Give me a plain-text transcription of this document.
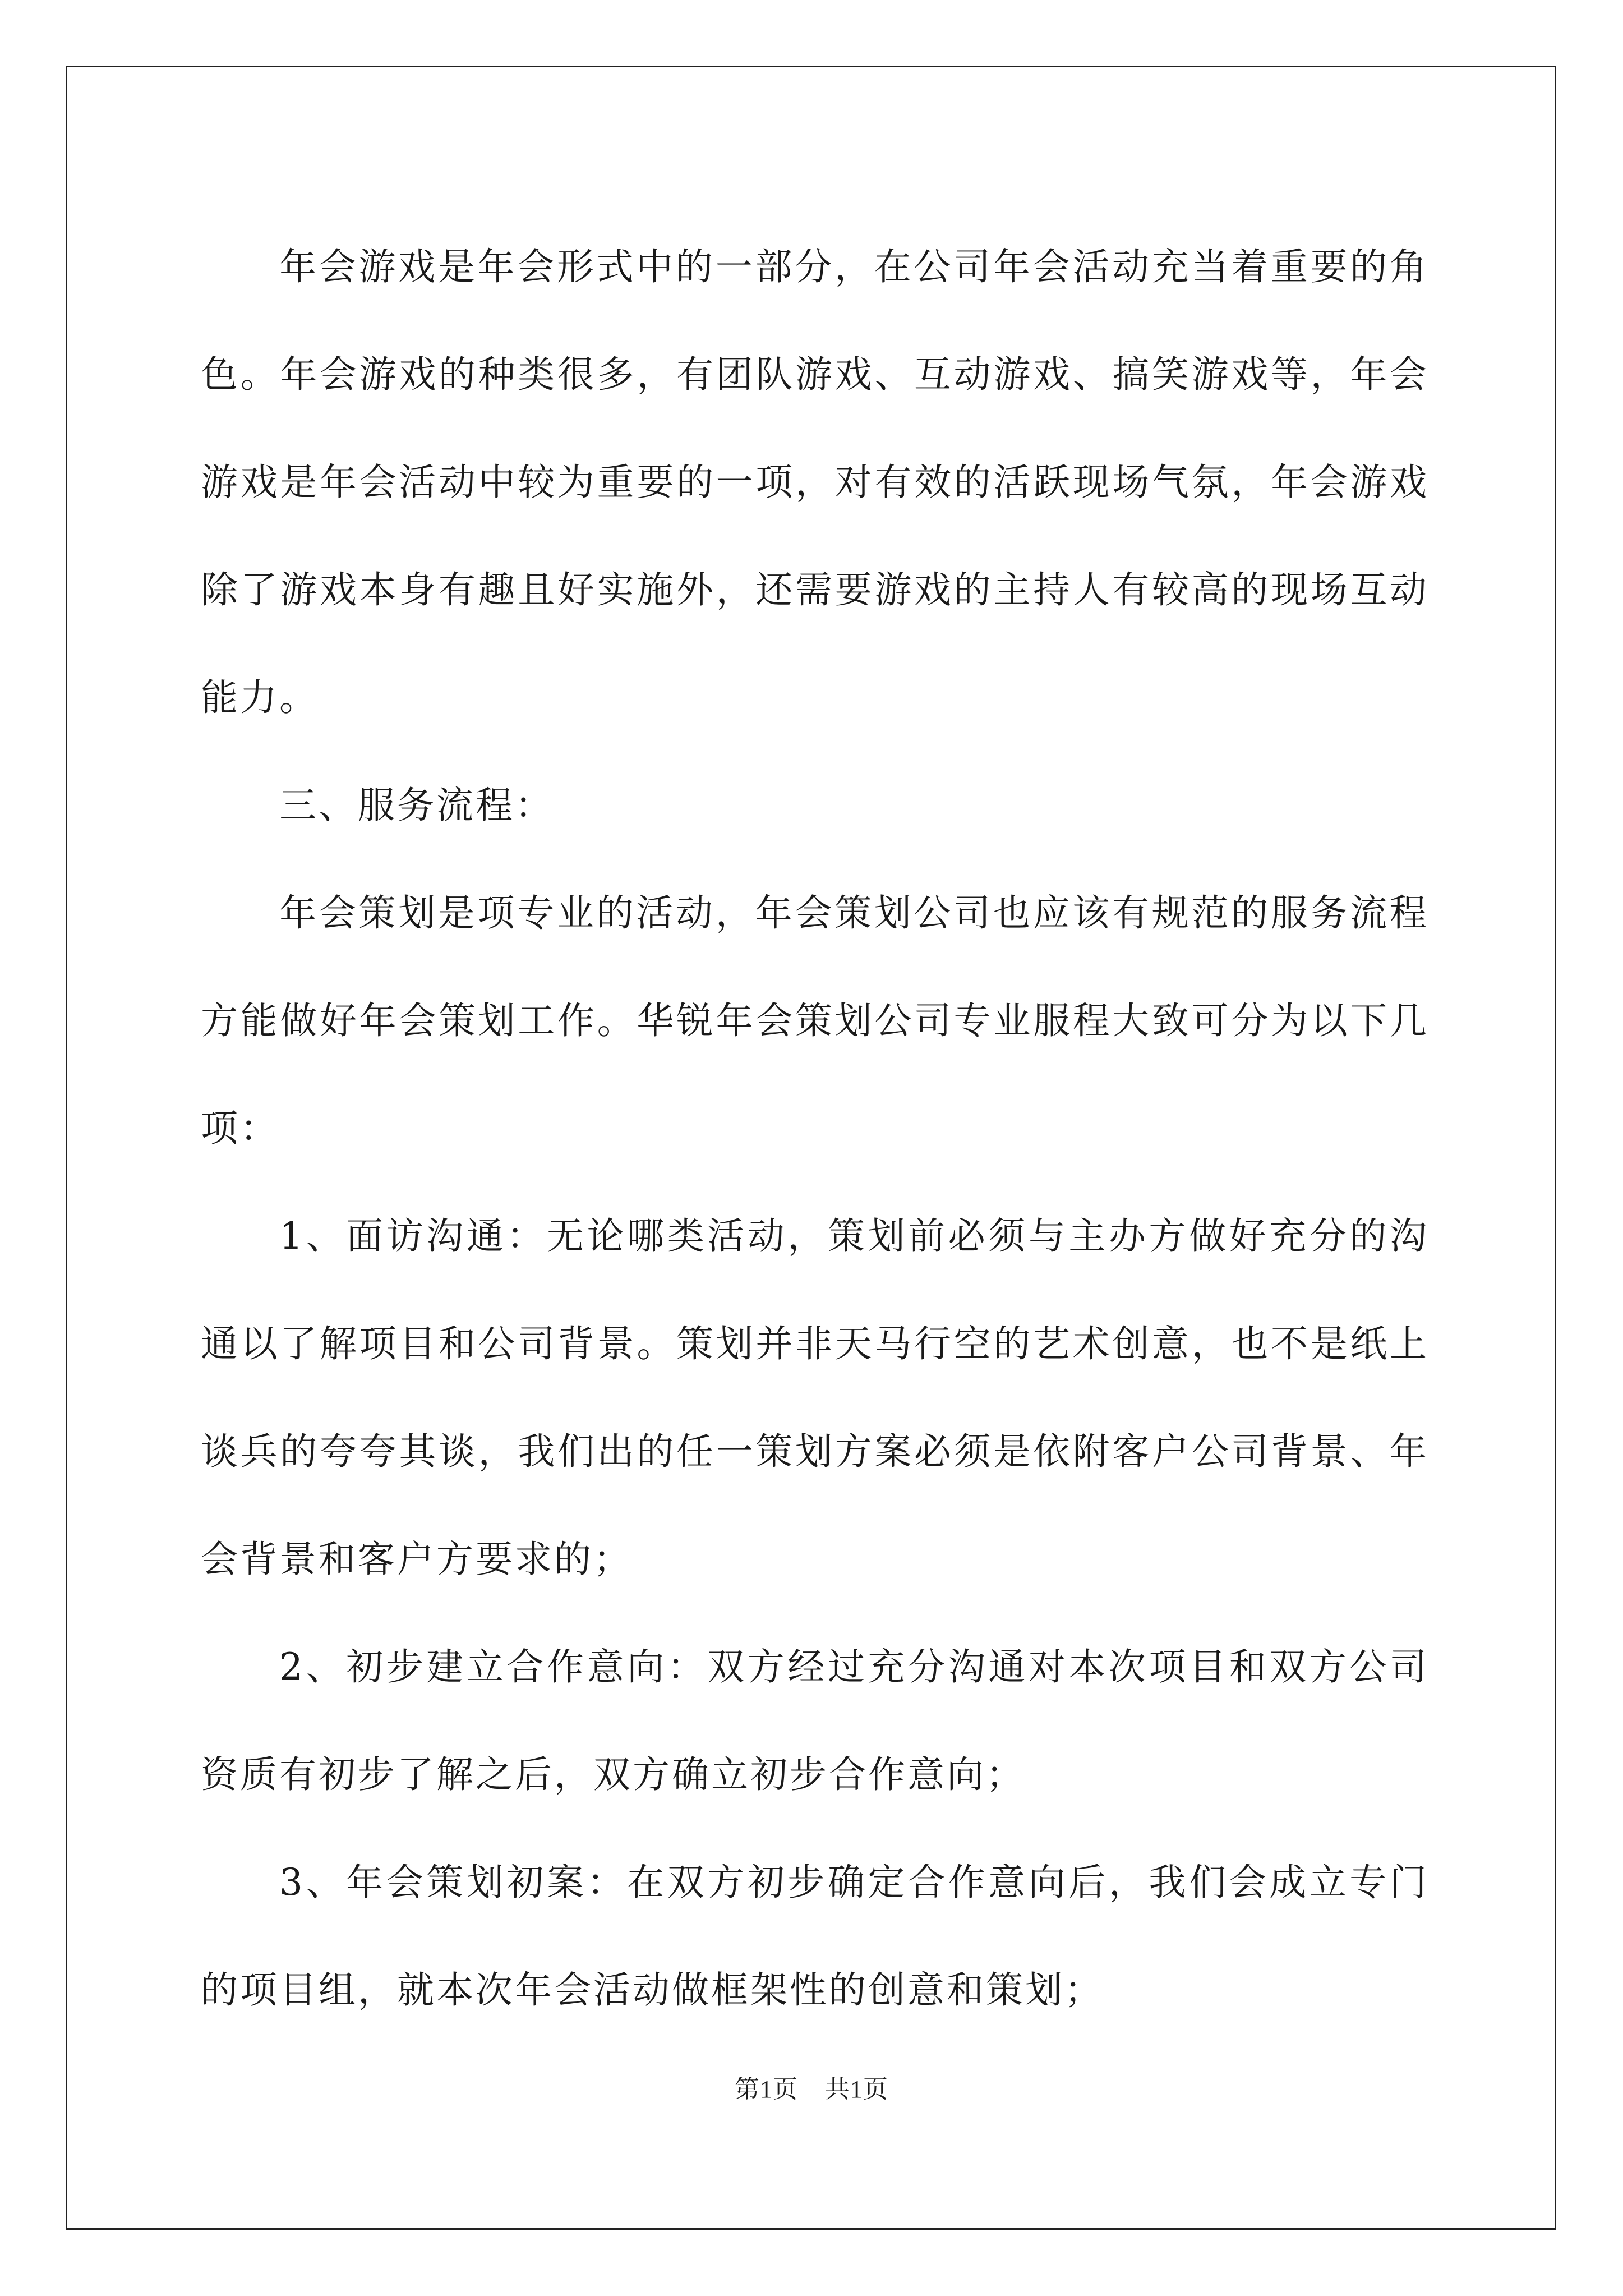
年会游戏是年会形式中的一部分，在公司年会活动充当着重要的角色。年会游戏的种类很多，有团队游戏、互动游戏、搞笑游戏等，年会游戏是年会活动中较为重要的一项，对有效的活跃现场气氛，年会游戏除了游戏本身有趣且好实施外，还需要游戏的主持人有较高的现场互动能力。

三、服务流程：

年会策划是项专业的活动，年会策划公司也应该有规范的服务流程方能做好年会策划工作。华锐年会策划公司专业服程大致可分为以下几项：

1、面访沟通：无论哪类活动，策划前必须与主办方做好充分的沟通以了解项目和公司背景。策划并非天马行空的艺术创意，也不是纸上谈兵的夸夸其谈，我们出的任一策划方案必须是依附客户公司背景、年会背景和客户方要求的；

2、初步建立合作意向：双方经过充分沟通对本次项目和双方公司资质有初步了解之后，双方确立初步合作意向；

3、年会策划初案：在双方初步确定合作意向后，我们会成立专门的项目组，就本次年会活动做框架性的创意和策划；

第1页 共1页
